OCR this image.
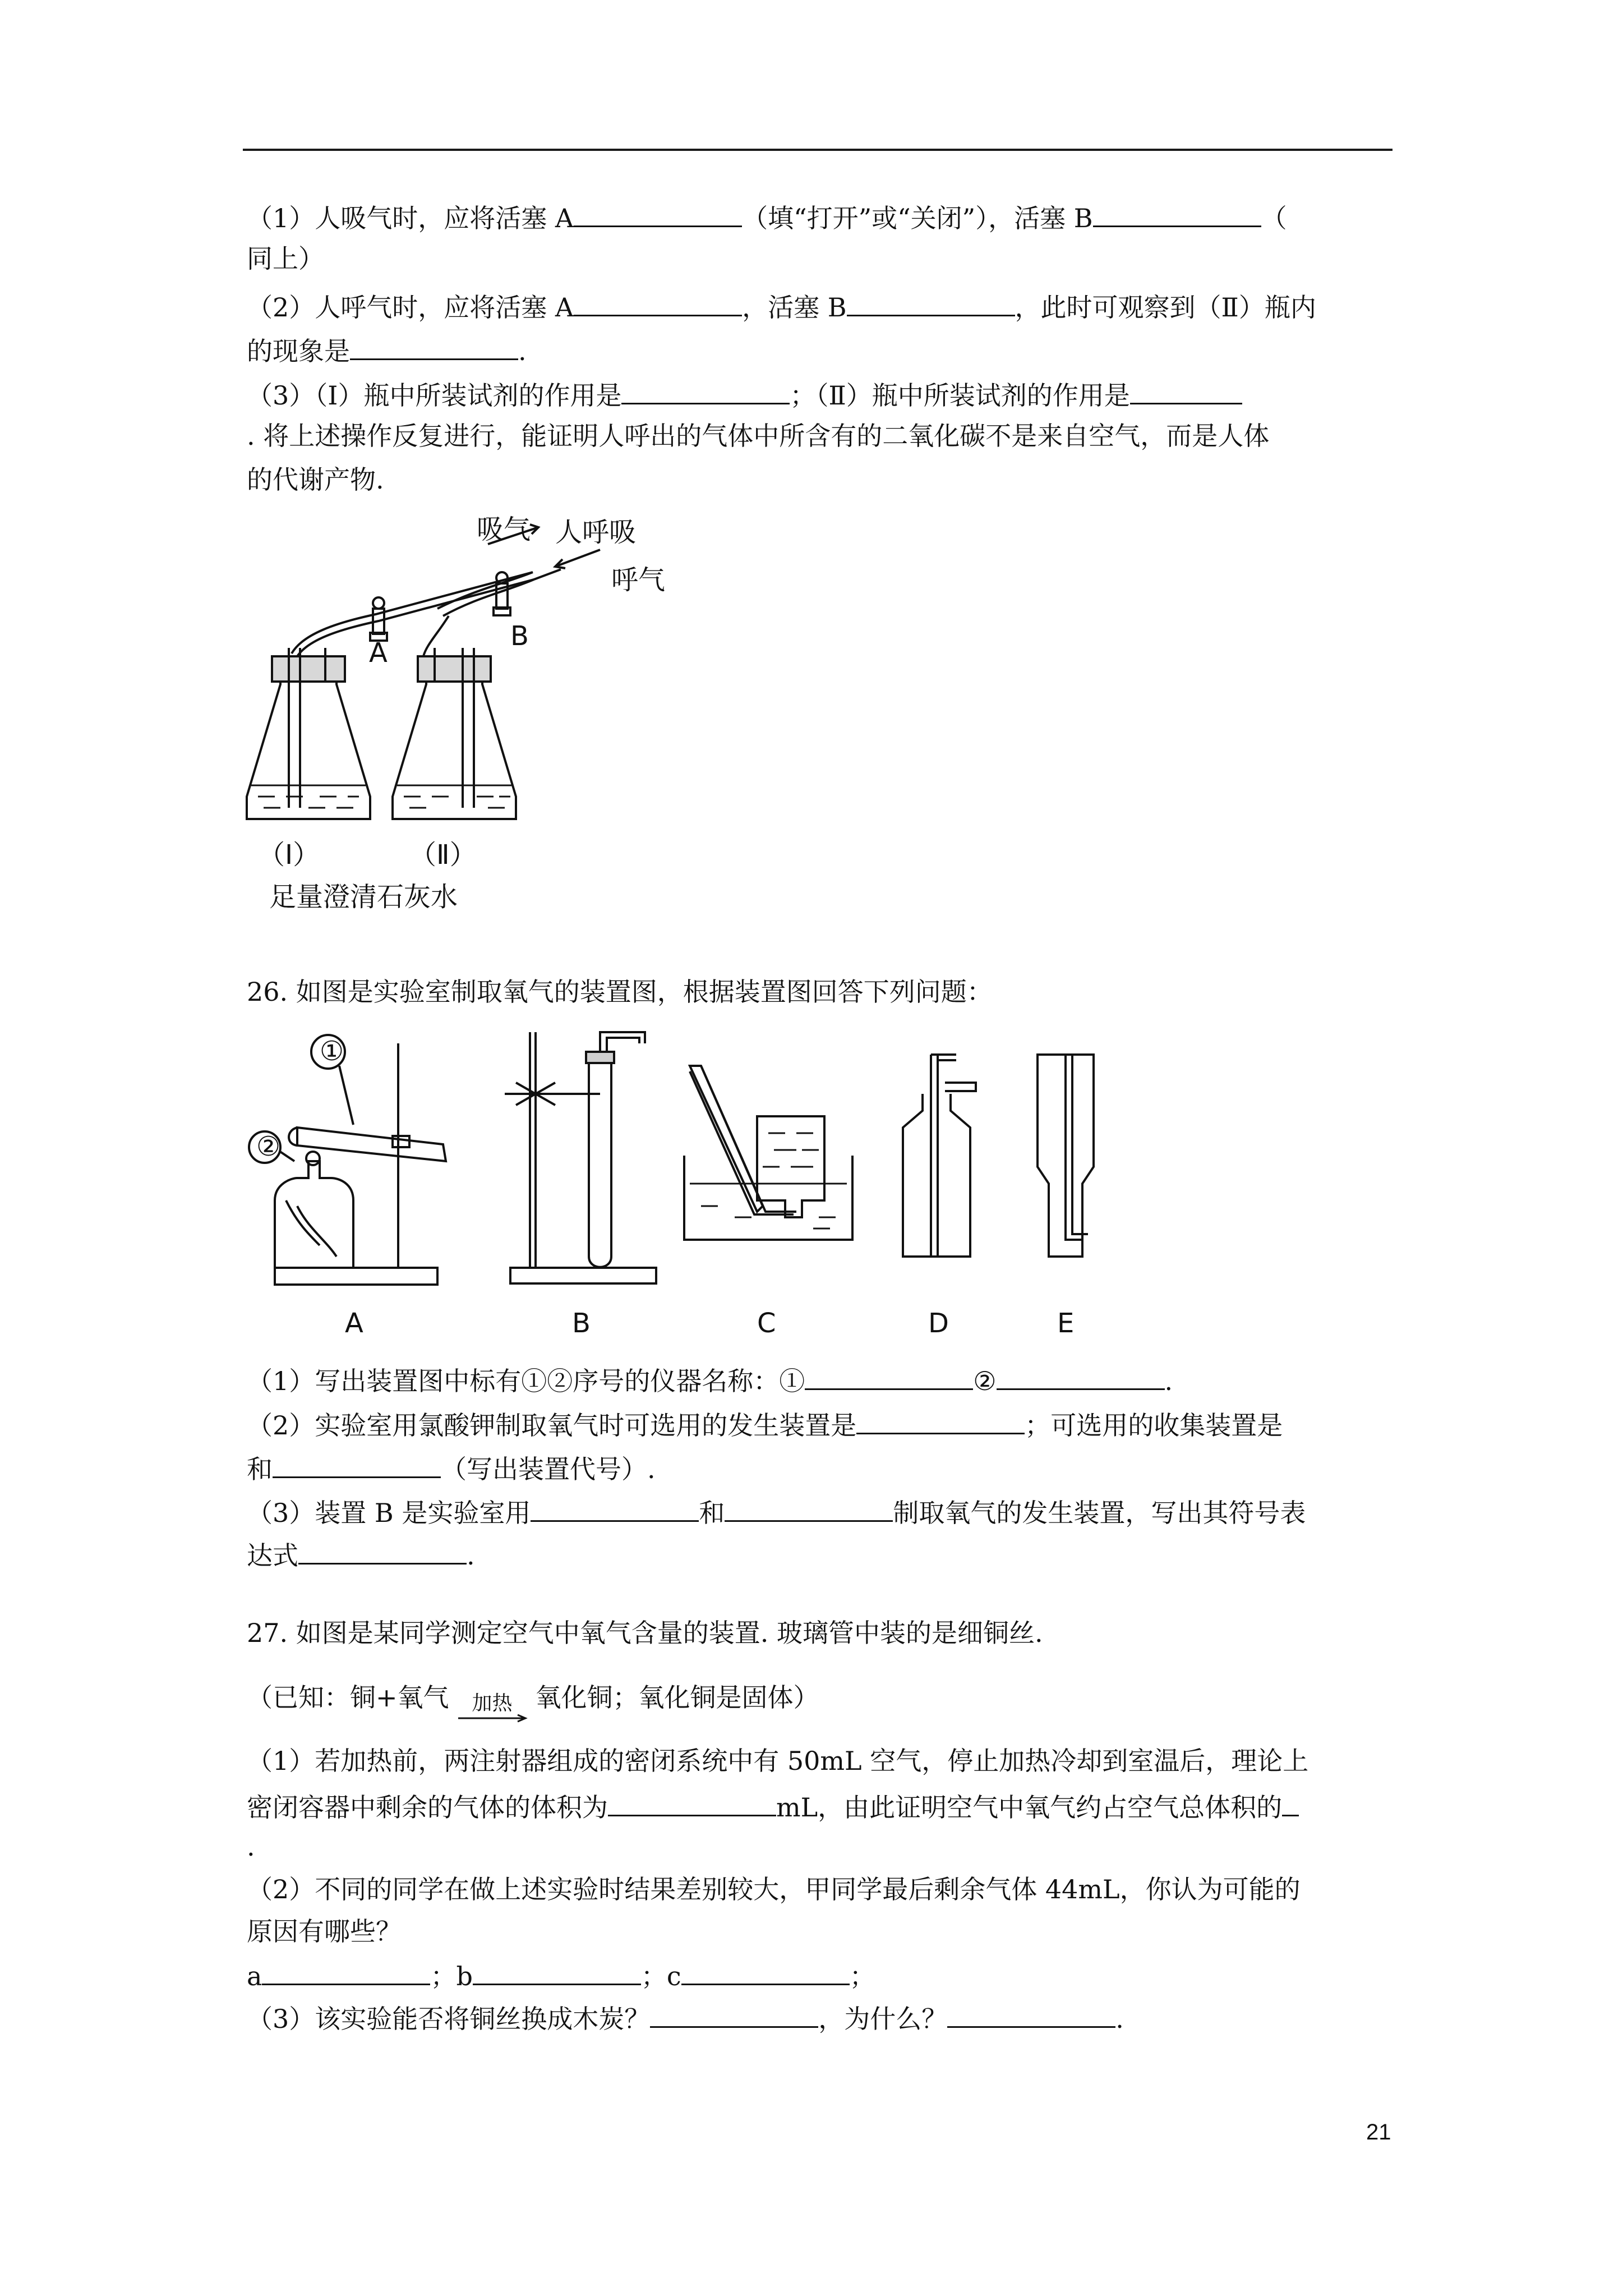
（1）人吸气时，应将活塞 A	（填“打开”或“关闭”），活塞 B	（
同上）
（2）人呼气时，应将活塞 A	，活塞 B	，此时可观察到（Ⅱ）瓶内
的现象是	.
（3）（Ⅰ）瓶中所装试剂的作用是	；（Ⅱ）瓶中所装试剂的作用是
. 将上述操作反复进行，能证明人呼出的气体中所含有的二氧化碳不是来自空气，而是人体
的代谢产物.
吸气 人呼吸
呼气
A
B
（Ⅰ）	（Ⅱ）
足量澄清石灰水
26. 如图是实验室制取氧气的装置图，根据装置图回答下列问题：
①
②
A	B	C	D	E
（1）写出装置图中标有①②序号的仪器名称：①	②	.
（2）实验室用氯酸钾制取氧气时可选用的发生装置是	；可选用的收集装置是
和	（写出装置代号）.
（3）装置 B 是实验室用	和	制取氧气的发生装置，写出其符号表
达式	.
27. 如图是某同学测定空气中氧气含量的装置. 玻璃管中装的是细铜丝.
（已知：铜+氧气	加热 氧化铜；氧化铜是固体）
（1）若加热前，两注射器组成的密闭系统中有 50mL 空气，停止加热冷却到室温后，理论上
密闭容器中剩余的气体的体积为	mL，由此证明空气中氧气约占空气总体积的
.
（2）不同的同学在做上述实验时结果差别较大，甲同学最后剩余气体 44mL，你认为可能的
原因有哪些？
a	；b	；c	；
（3）该实验能否将铜丝换成木炭？	，为什么？	.
21
